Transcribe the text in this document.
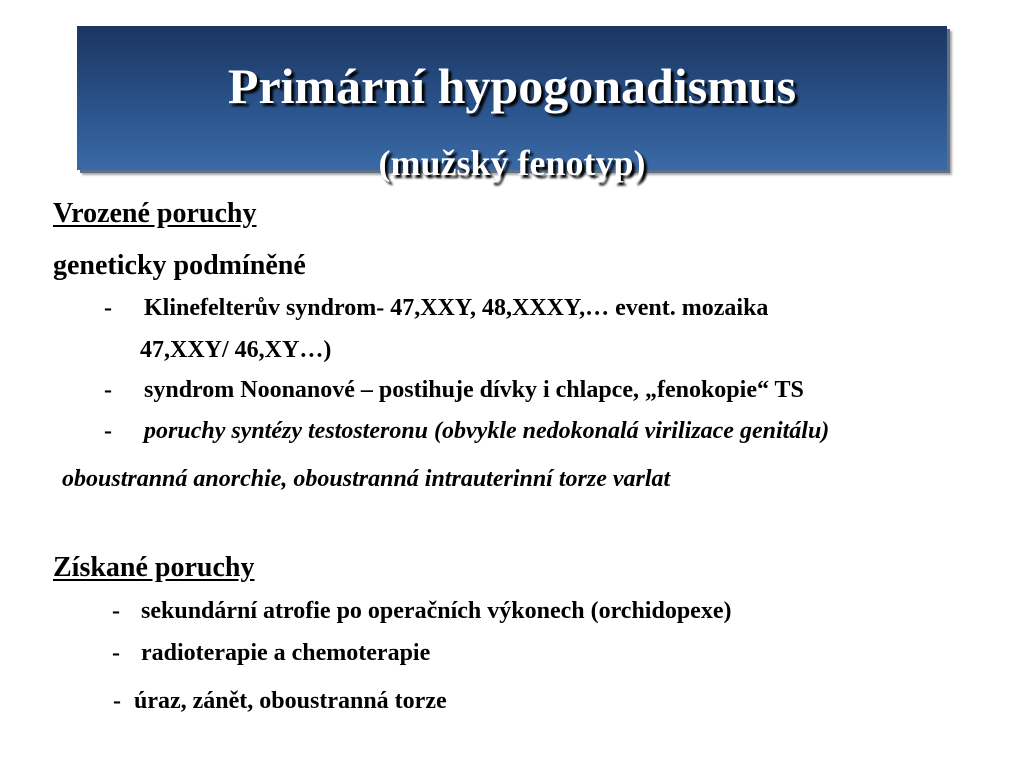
Primární hypogonadismus
(mužský fenotyp)
Vrozené poruchy
geneticky podmíněné
- Klinefelterův syndrom- 47,XXY, 48,XXXY,… event. mozaika
47,XXY/ 46,XY…)
- syndrom Noonanové – postihuje dívky i chlapce, „fenokopie“ TS
- poruchy syntézy testosteronu (obvykle nedokonalá virilizace genitálu)
oboustranná anorchie, oboustranná intrauterinní torze varlat
Získané poruchy
- sekundární atrofie po operačních výkonech (orchidopexe)
- radioterapie a chemoterapie
- úraz, zánět, oboustranná torze
